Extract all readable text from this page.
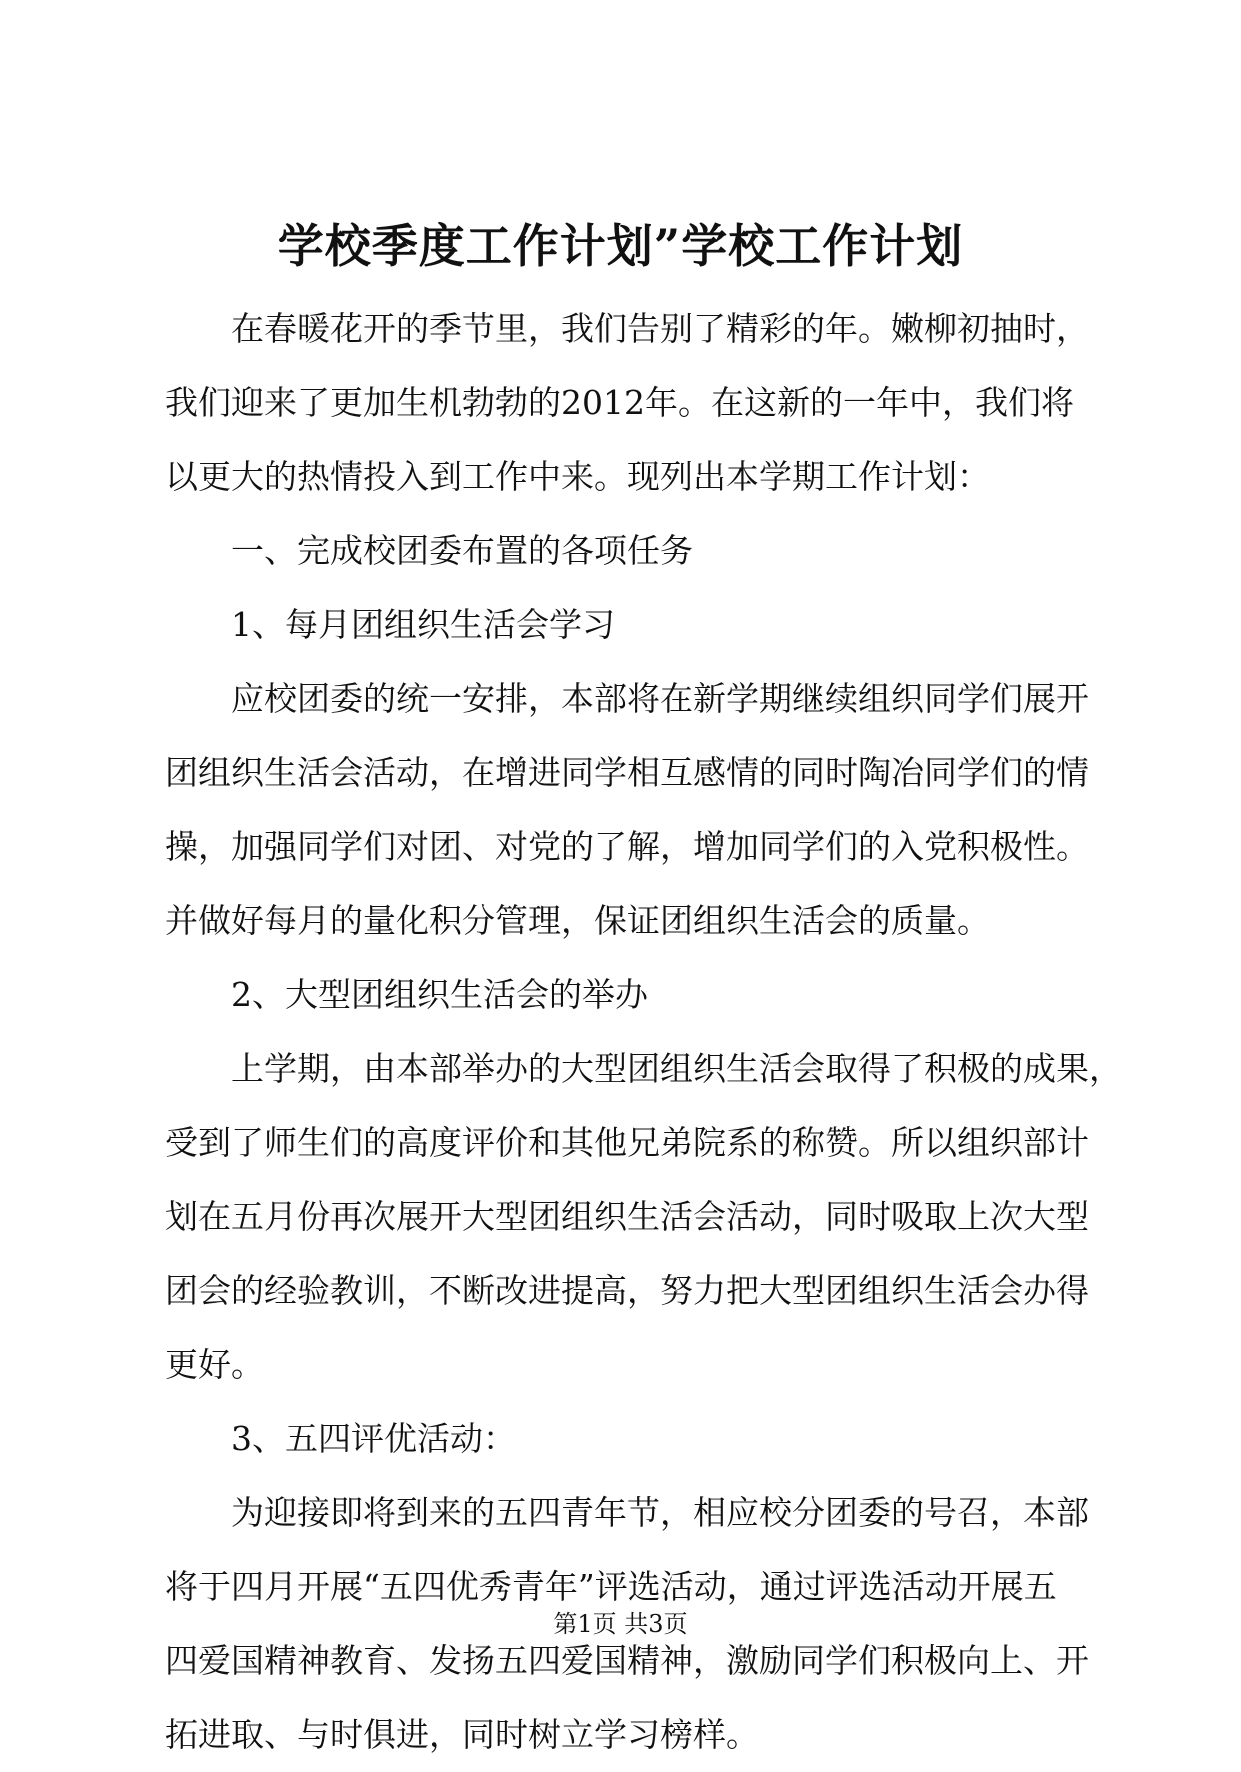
学校季度工作计划”学校工作计划
在春暖花开的季节里，我们告别了精彩的年。嫩柳初抽时，
我们迎来了更加生机勃勃的2012年。在这新的一年中，我们将
以更大的热情投入到工作中来。现列出本学期工作计划：
一、完成校团委布置的各项任务
1、每月团组织生活会学习
应校团委的统一安排，本部将在新学期继续组织同学们展开
团组织生活会活动，在增进同学相互感情的同时陶冶同学们的情
操，加强同学们对团、对党的了解，增加同学们的入党积极性。
并做好每月的量化积分管理，保证团组织生活会的质量。
2、大型团组织生活会的举办
上学期，由本部举办的大型团组织生活会取得了积极的成果，
受到了师生们的高度评价和其他兄弟院系的称赞。所以组织部计
划在五月份再次展开大型团组织生活会活动，同时吸取上次大型
团会的经验教训，不断改进提高，努力把大型团组织生活会办得
更好。
3、五四评优活动：
为迎接即将到来的五四青年节，相应校分团委的号召，本部
将于四月开展“五四优秀青年”评选活动，通过评选活动开展五
四爱国精神教育、发扬五四爱国精神，激励同学们积极向上、开
拓进取、与时俱进，同时树立学习榜样。
第1页 共3页
